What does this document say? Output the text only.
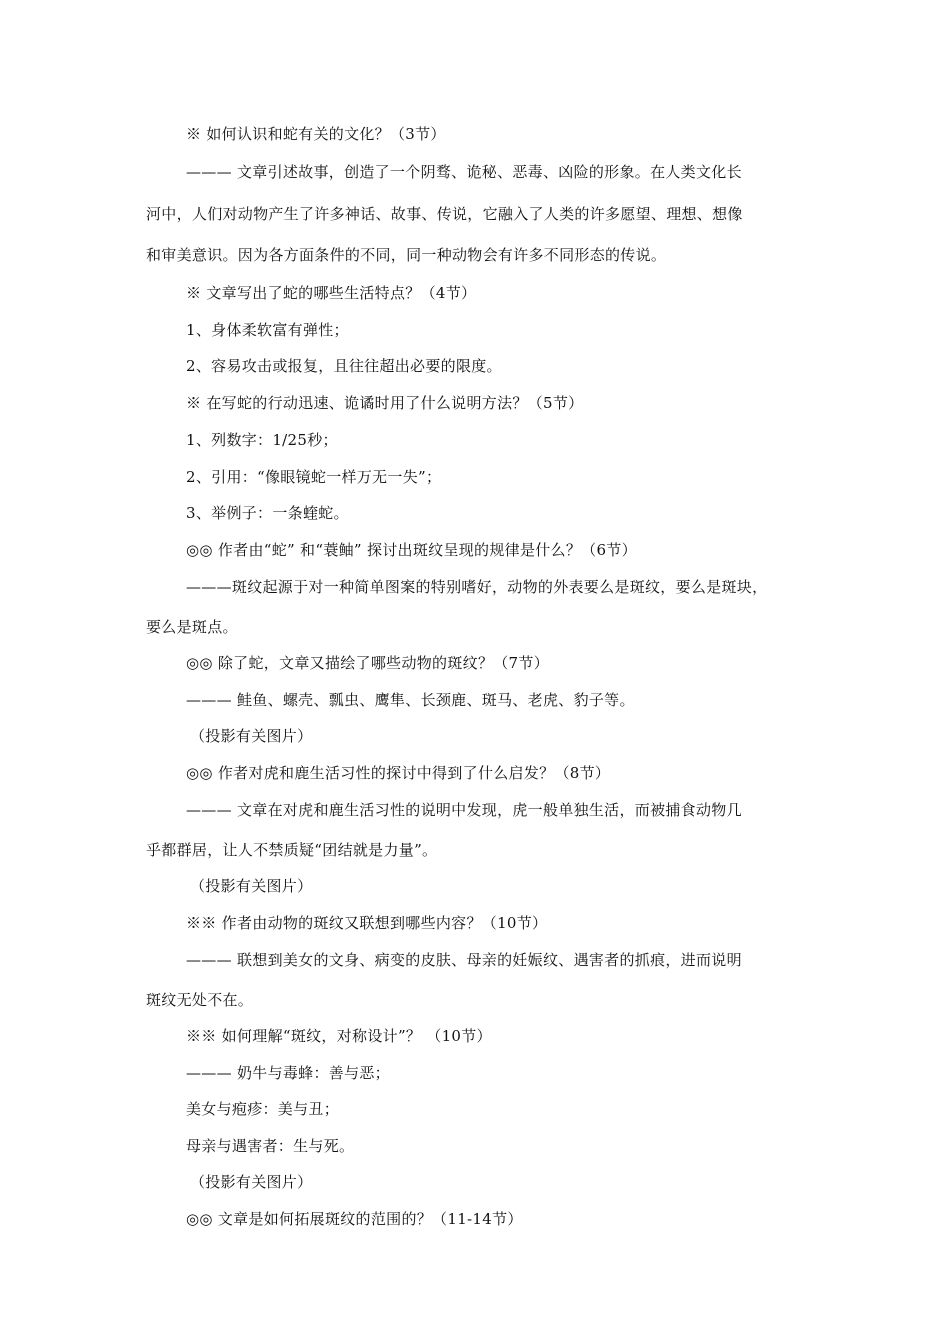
※ 如何认识和蛇有关的文化？（3节）
——— 文章引述故事，创造了一个阴骛、诡秘、恶毒、凶险的形象。在人类文化长
河中，人们对动物产生了许多神话、故事、传说，它融入了人类的许多愿望、理想、想像
和审美意识。因为各方面条件的不同，同一种动物会有许多不同形态的传说。
※ 文章写出了蛇的哪些生活特点？（4节）
1、身体柔软富有弹性；
2、容易攻击或报复，且往往超出必要的限度。
※ 在写蛇的行动迅速、诡谲时用了什么说明方法？（5节）
1、列数字：1/25秒；
2、引用：“像眼镜蛇一样万无一失”；
3、举例子：一条蝰蛇。
◎◎ 作者由“蛇” 和“蓑鲉” 探讨出斑纹呈现的规律是什么？（6节）
———斑纹起源于对一种简单图案的特别嗜好，动物的外表要么是斑纹，要么是斑块，
要么是斑点。
◎◎ 除了蛇，文章又描绘了哪些动物的斑纹？（7节）
——— 鲑鱼、螺壳、瓢虫、鹰隼、长颈鹿、斑马、老虎、豹子等。
（投影有关图片）
◎◎ 作者对虎和鹿生活习性的探讨中得到了什么启发？（8节）
——— 文章在对虎和鹿生活习性的说明中发现，虎一般单独生活，而被捕食动物几
乎都群居，让人不禁质疑“团结就是力量”。
（投影有关图片）
※※ 作者由动物的斑纹又联想到哪些内容？（10节）
——— 联想到美女的文身、病变的皮肤、母亲的妊娠纹、遇害者的抓痕，进而说明
斑纹无处不在。
※※ 如何理解“斑纹，对称设计”？ （10节）
——— 奶牛与毒蜂：善与恶；
美女与疱疹：美与丑；
母亲与遇害者：生与死。
（投影有关图片）
◎◎ 文章是如何拓展斑纹的范围的？（11-14节）
